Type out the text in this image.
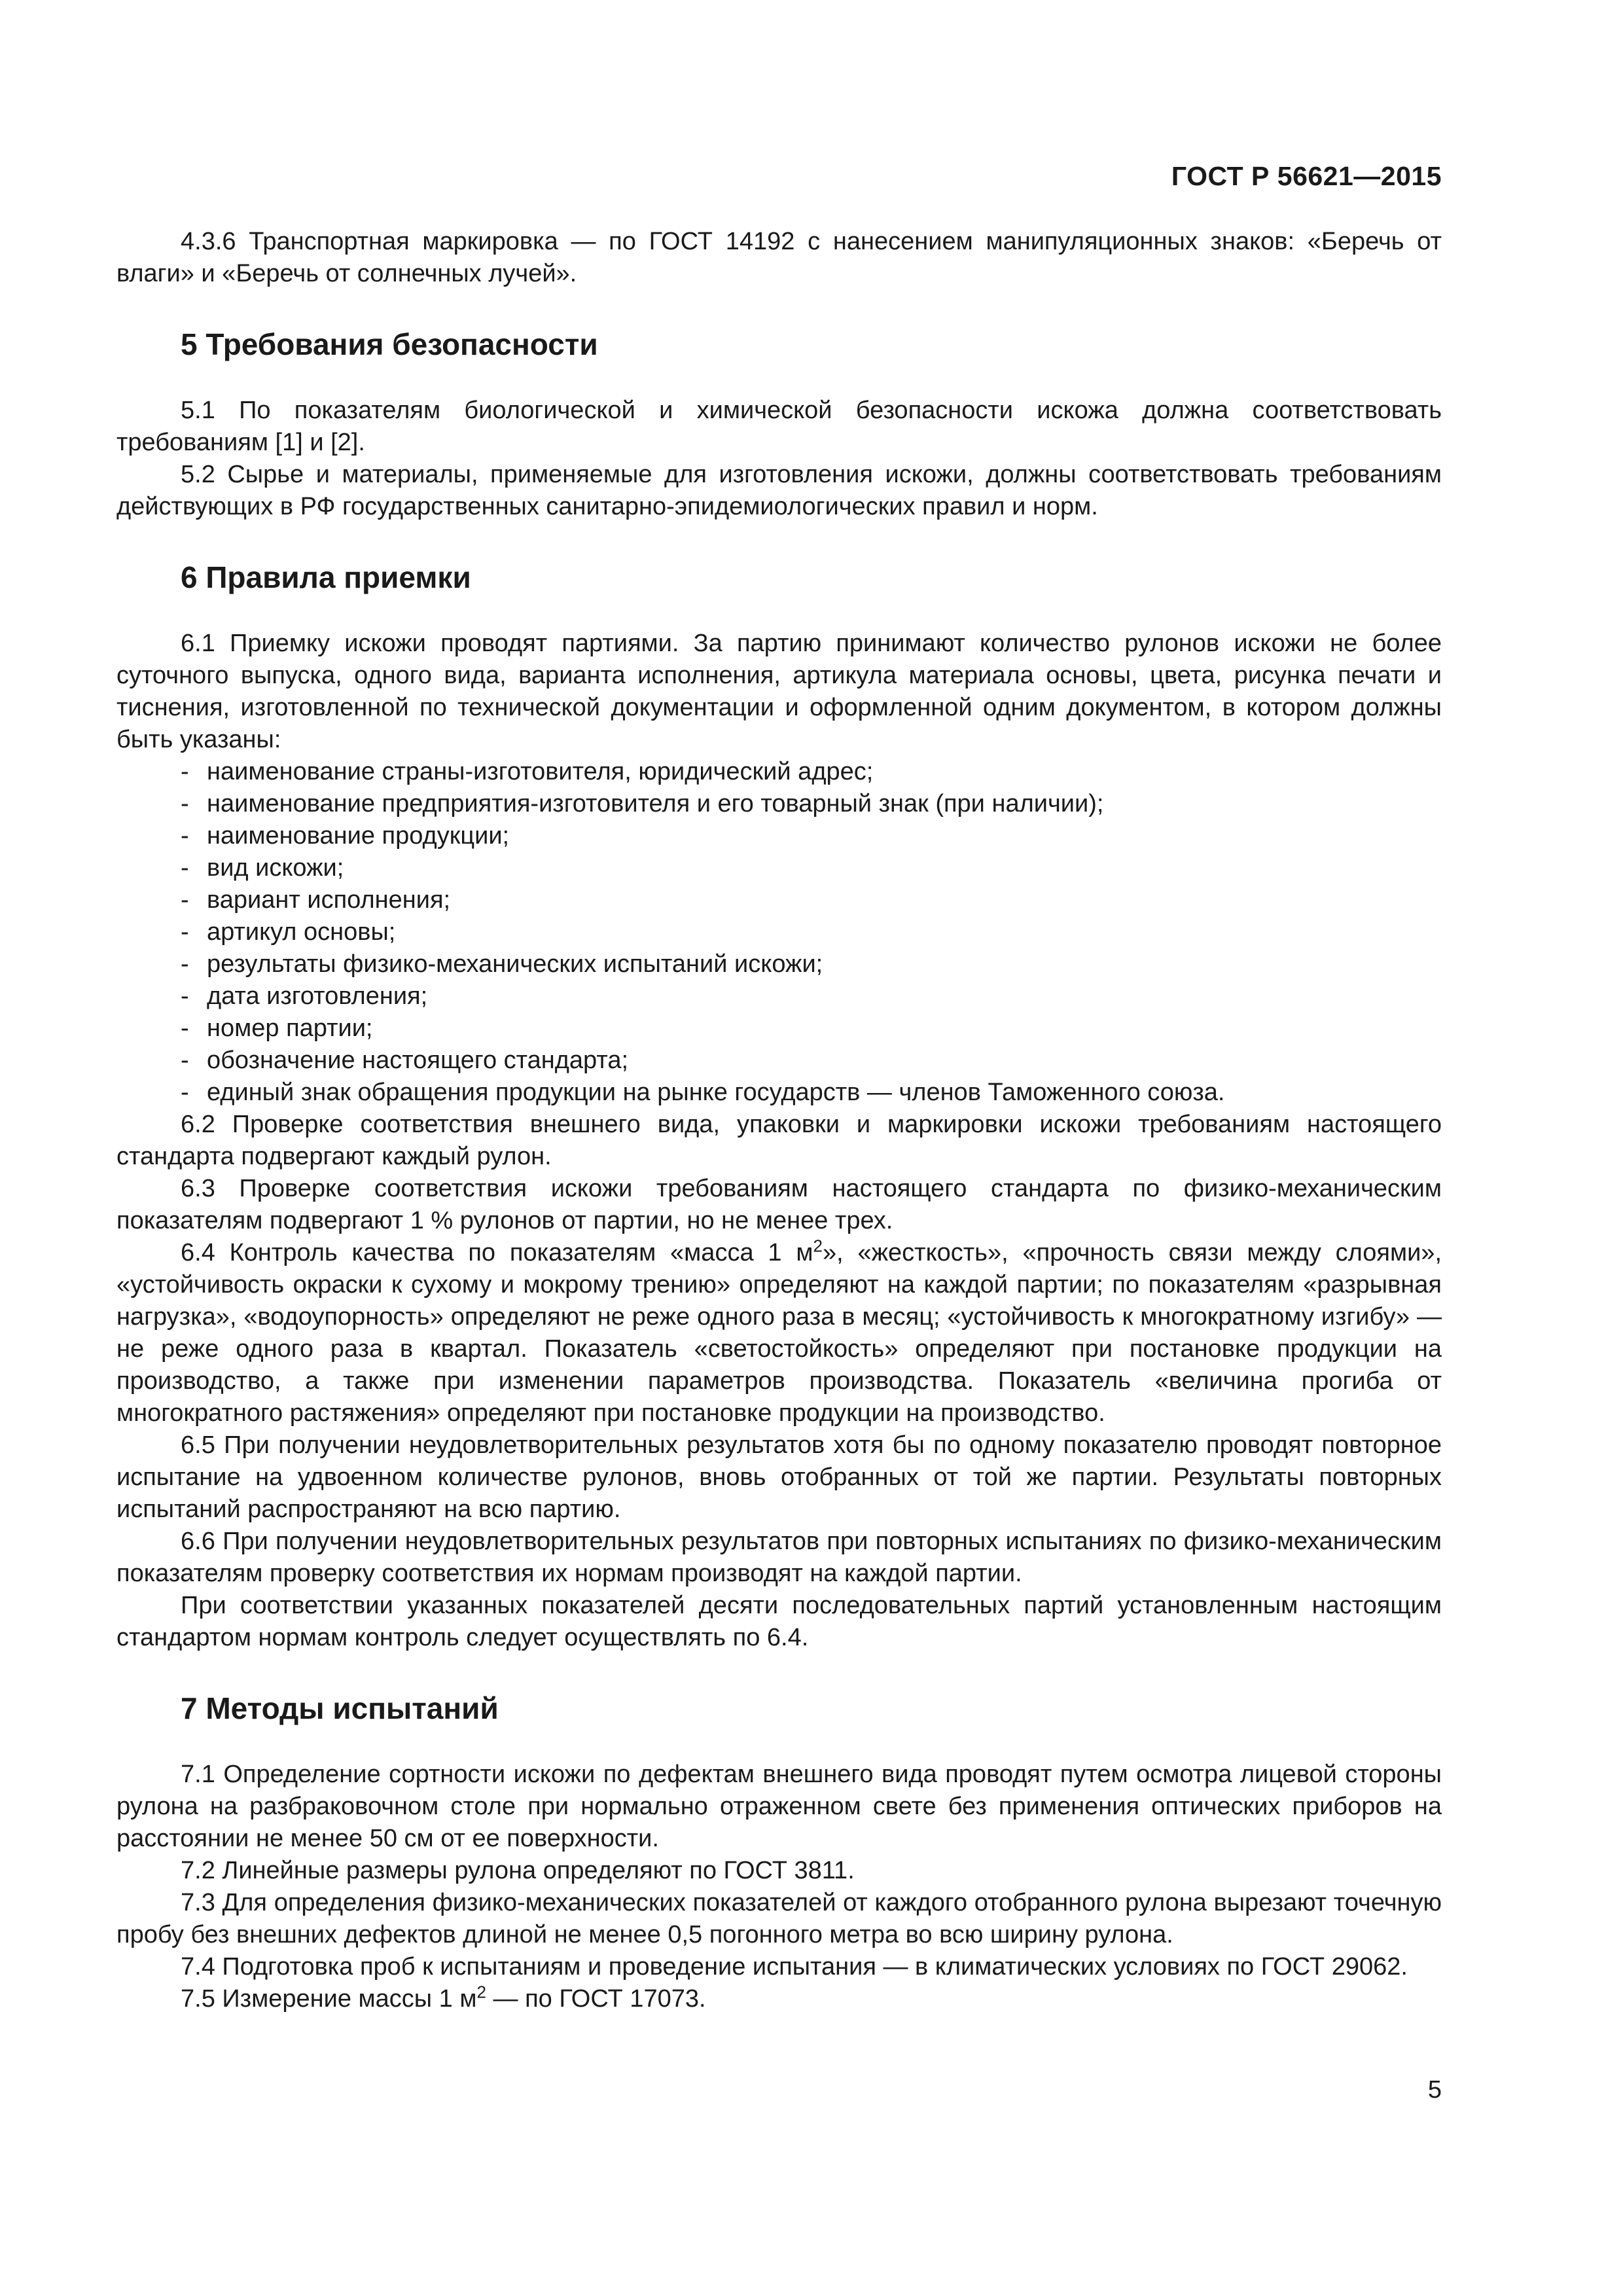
ГОСТ Р 56621—2015

4.3.6 Транспортная маркировка — по ГОСТ 14192 с нанесением манипуляционных знаков: «Беречь от влаги» и «Беречь от солнечных лучей».

5 Требования безопасности

5.1 По показателям биологической и химической безопасности искожа должна соответствовать требованиям [1] и [2].

5.2 Сырье и материалы, применяемые для изготовления искожи, должны соответствовать требованиям действующих в РФ государственных санитарно-эпидемиологических правил и норм.

6 Правила приемки

6.1 Приемку искожи проводят партиями. За партию принимают количество рулонов искожи не более суточного выпуска, одного вида, варианта исполнения, артикула материала основы, цвета, рисунка печати и тиснения, изготовленной по технической документации и оформленной одним документом, в котором должны быть указаны:

- наименование страны-изготовителя, юридический адрес;
- наименование предприятия-изготовителя и его товарный знак (при наличии);
- наименование продукции;
- вид искожи;
- вариант исполнения;
- артикул основы;
- результаты физико-механических испытаний искожи;
- дата изготовления;
- номер партии;
- обозначение настоящего стандарта;
- единый знак обращения продукции на рынке государств — членов Таможенного союза.

6.2 Проверке соответствия внешнего вида, упаковки и маркировки искожи требованиям настоящего стандарта подвергают каждый рулон.

6.3 Проверке соответствия искожи требованиям настоящего стандарта по физико-механическим показателям подвергают 1 % рулонов от партии, но не менее трех.

6.4 Контроль качества по показателям «масса 1 $м^2$», «жесткость», «прочность связи между слоями», «устойчивость окраски к сухому и мокрому трению» определяют на каждой партии; по показателям «разрывная нагрузка», «водоупорность» определяют не реже одного раза в месяц; «устойчивость к многократному изгибу» — не реже одного раза в квартал. Показатель «светостойкость» определяют при постановке продукции на производство, а также при изменении параметров производства. Показатель «величина прогиба от многократного растяжения» определяют при постановке продукции на производство.

6.5 При получении неудовлетворительных результатов хотя бы по одному показателю проводят повторное испытание на удвоенном количестве рулонов, вновь отобранных от той же партии. Результаты повторных испытаний распространяют на всю партию.

6.6 При получении неудовлетворительных результатов при повторных испытаниях по физико-механическим показателям проверку соответствия их нормам производят на каждой партии.

При соответствии указанных показателей десяти последовательных партий установленным настоящим стандартом нормам контроль следует осуществлять по 6.4.

7 Методы испытаний

7.1 Определение сортности искожи по дефектам внешнего вида проводят путем осмотра лицевой стороны рулона на разбраковочном столе при нормально отраженном свете без применения оптических приборов на расстоянии не менее 50 см от ее поверхности.

7.2 Линейные размеры рулона определяют по ГОСТ 3811.

7.3 Для определения физико-механических показателей от каждого отобранного рулона вырезают точечную пробу без внешних дефектов длиной не менее 0,5 погонного метра во всю ширину рулона.

7.4 Подготовка проб к испытаниям и проведение испытания — в климатических условиях по ГОСТ 29062.

7.5 Измерение массы 1 $м^2$ — по ГОСТ 17073.

5
